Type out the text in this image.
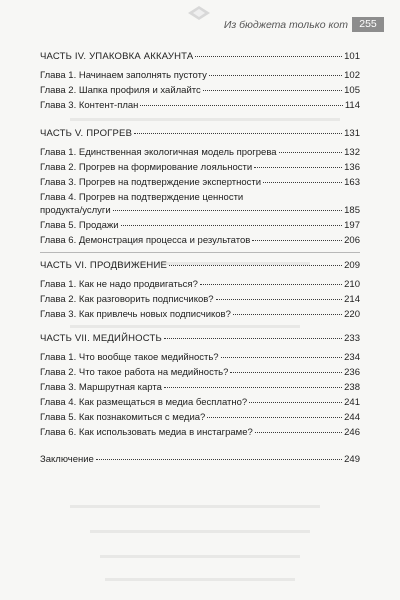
Из бюджета только кот	255
ЧАСТЬ IV. УПАКОВКА АККАУНТА	101
Глава 1. Начинаем заполнять пустоту	102
Глава 2. Шапка профиля и хайлайтс	105
Глава 3. Контент-план	114
ЧАСТЬ V. ПРОГРЕВ	131
Глава 1. Единственная экологичная модель прогрева	132
Глава 2. Прогрев на формирование лояльности	136
Глава 3. Прогрев на подтверждение экспертности	163
Глава 4. Прогрев на подтверждение ценности
продукта/услуги	185
Глава 5. Продажи	197
Глава 6. Демонстрация процесса и результатов	206
ЧАСТЬ VI. ПРОДВИЖЕНИЕ	209
Глава 1. Как не надо продвигаться?	210
Глава 2. Как разговорить подписчиков?	214
Глава 3. Как привлечь новых подписчиков?	220
ЧАСТЬ VII. МЕДИЙНОСТЬ	233
Глава 1. Что вообще такое медийность?	234
Глава 2. Что такое работа на медийность?	236
Глава 3. Маршрутная карта	238
Глава 4. Как размещаться в медиа бесплатно?	241
Глава 5. Как познакомиться с медиа?	244
Глава 6. Как использовать медиа в инстаграме?	246
Заключение	249
